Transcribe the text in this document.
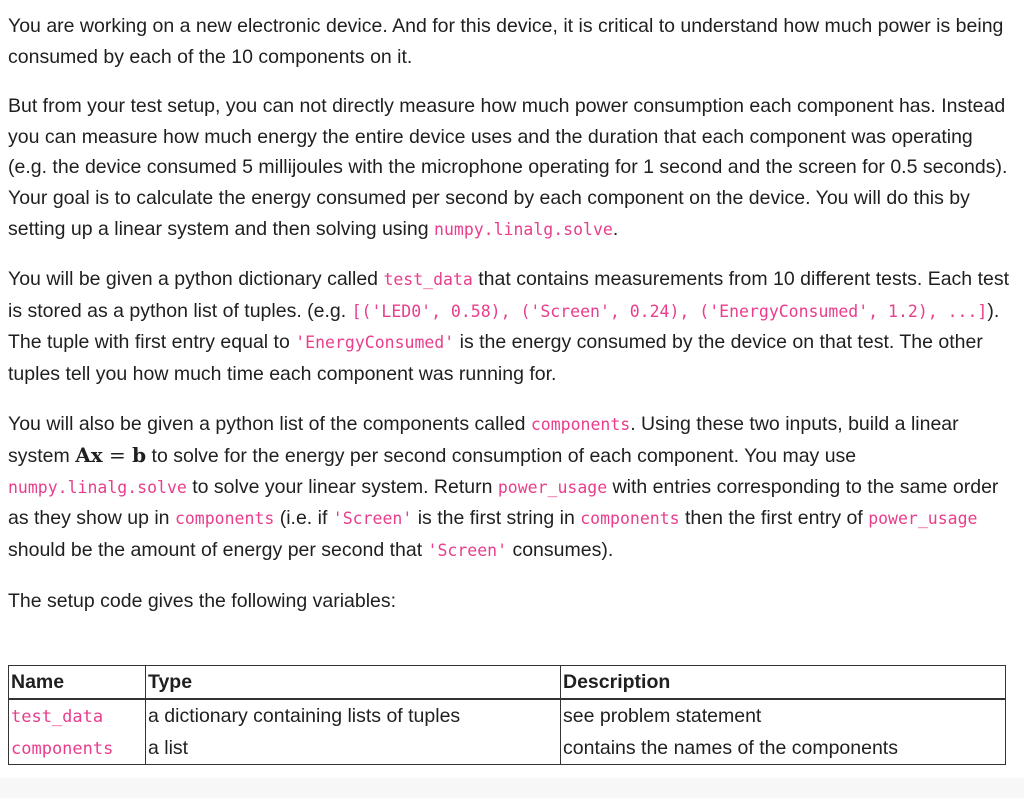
You are working on a new electronic device. And for this device, it is critical to understand how much power is being consumed by each of the 10 components on it.

But from your test setup, you can not directly measure how much power consumption each component has. Instead you can measure how much energy the entire device uses and the duration that each component was operating (e.g. the device consumed 5 millijoules with the microphone operating for 1 second and the screen for 0.5 seconds). Your goal is to calculate the energy consumed per second by each component on the device. You will do this by setting up a linear system and then solving using numpy.linalg.solve.

You will be given a python dictionary called test_data that contains measurements from 10 different tests. Each test is stored as a python list of tuples. (e.g. [('LED0', 0.58), ('Screen', 0.24), ('EnergyConsumed', 1.2), ...]). The tuple with first entry equal to 'EnergyConsumed' is the energy consumed by the device on that test. The other tuples tell you how much time each component was running for.

You will also be given a python list of the components called components. Using these two inputs, build a linear system Ax = b to solve for the energy per second consumption of each component. You may use numpy.linalg.solve to solve your linear system. Return power_usage with entries corresponding to the same order as they show up in components (i.e. if 'Screen' is the first string in components then the first entry of power_usage should be the amount of energy per second that 'Screen' consumes).

The setup code gives the following variables:

Name	Type	Description
test_data	a dictionary containing lists of tuples	see problem statement
components	a list	contains the names of the components
